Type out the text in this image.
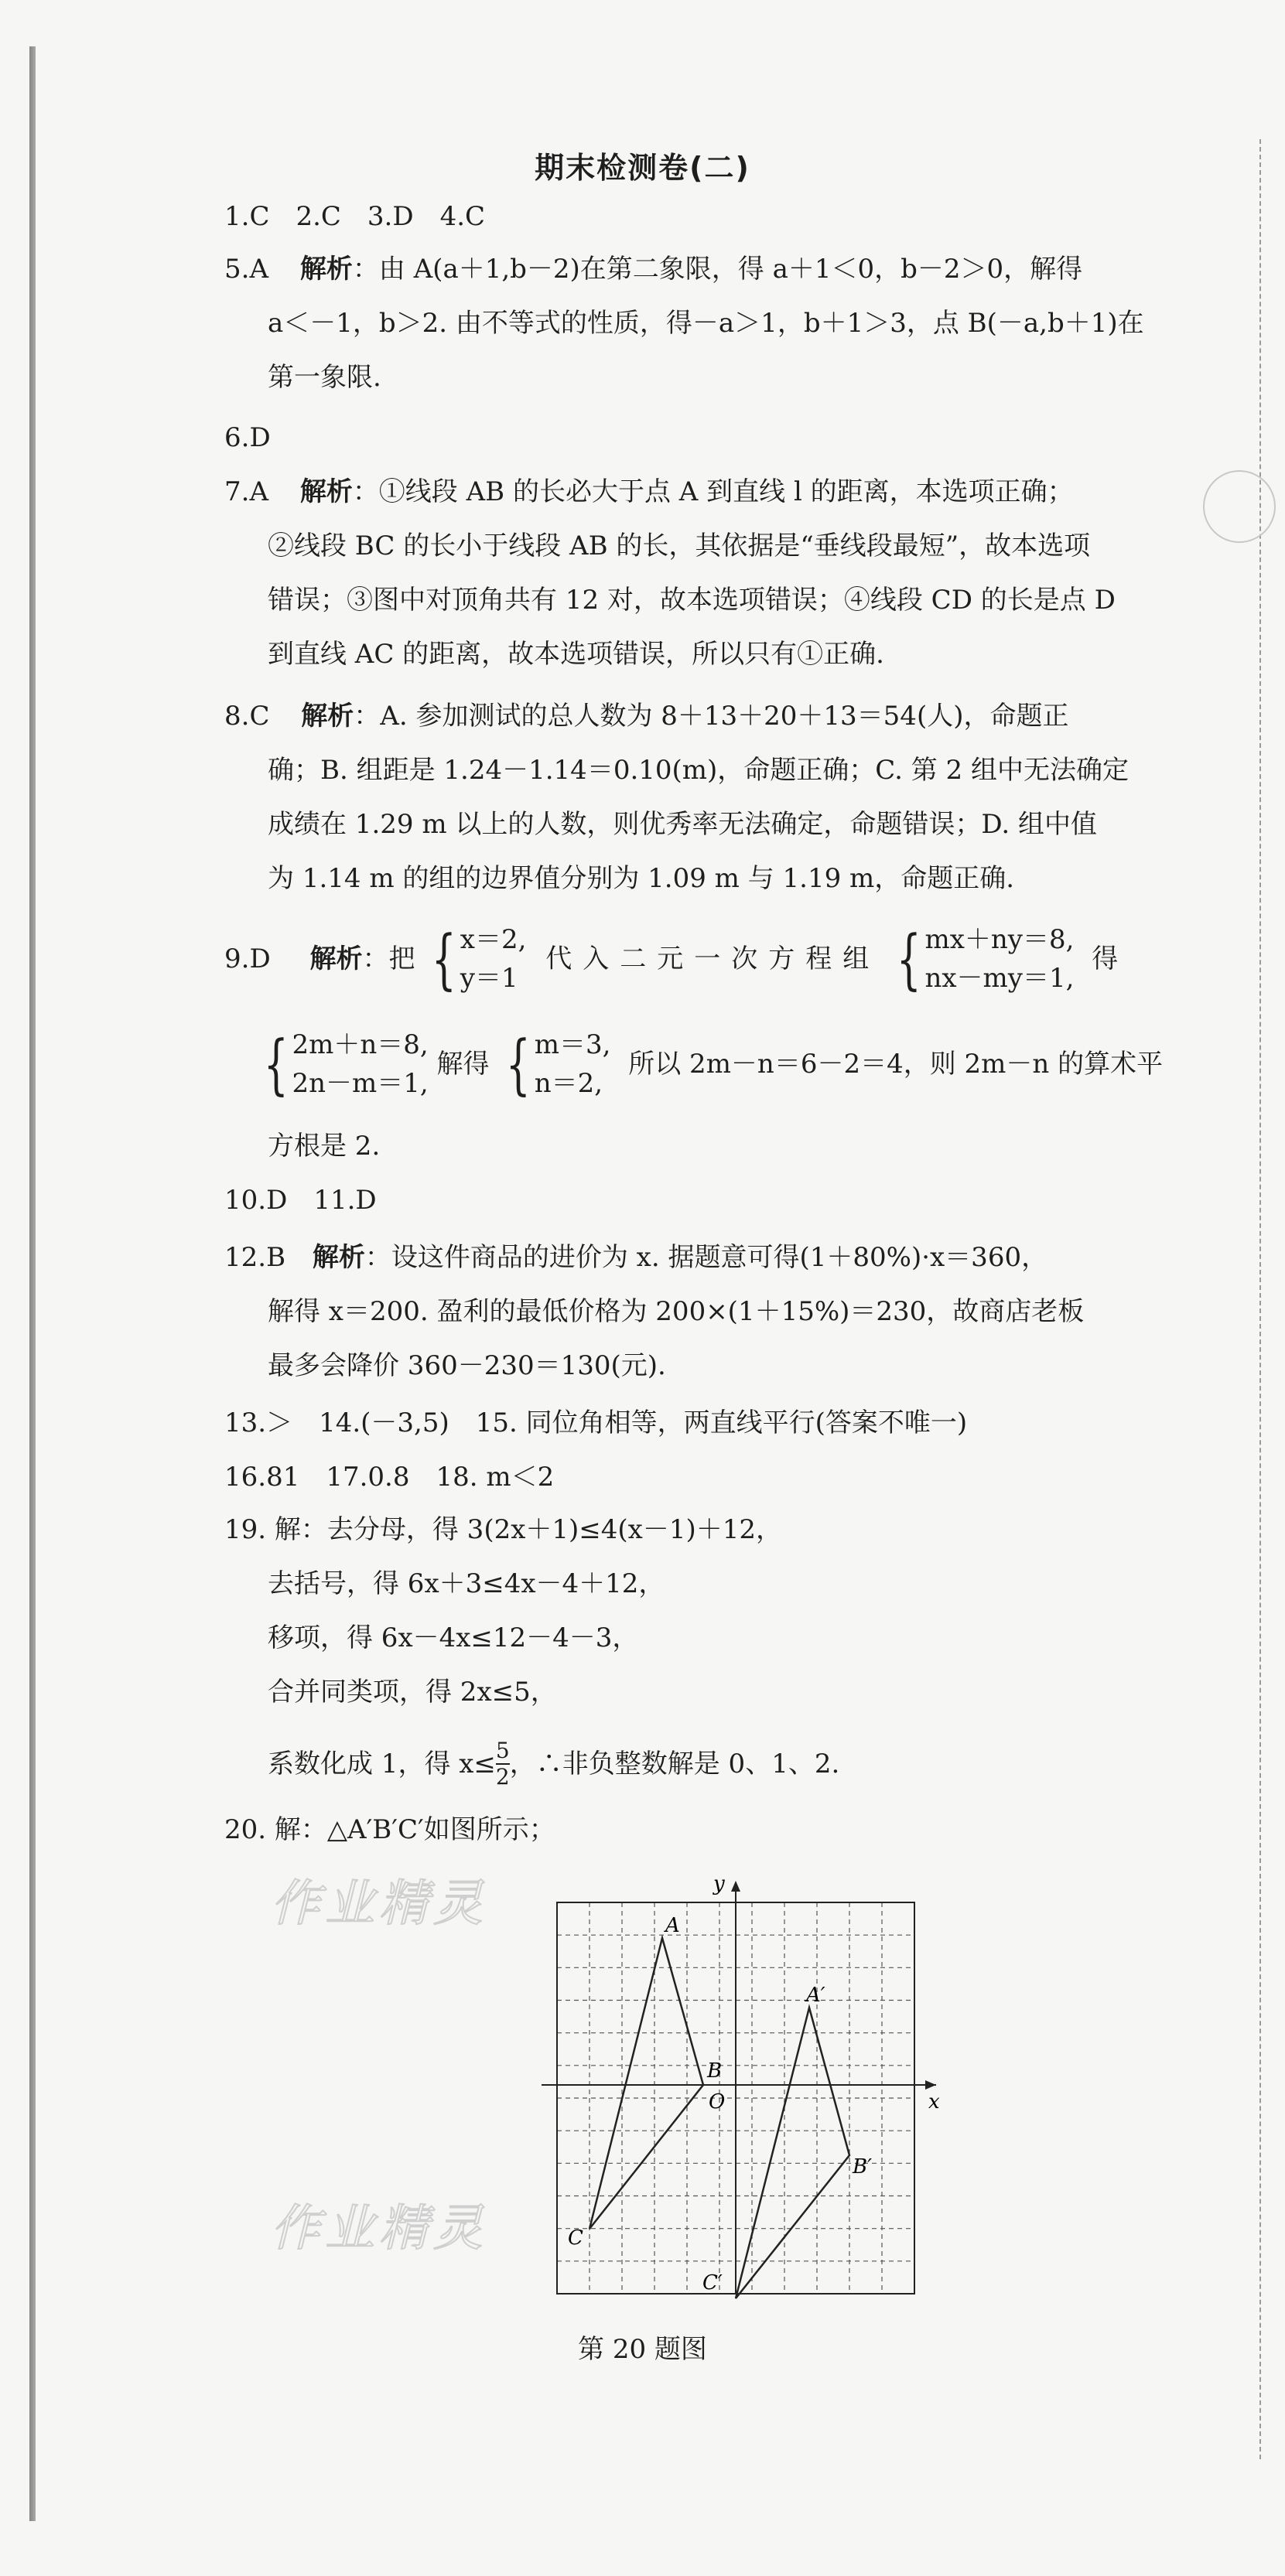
期末检测卷(二)
1.C　2.C　3.D　4.C
5.A 解析：由 A(a＋1,b－2)在第二象限，得 a＋1＜0，b－2＞0，解得
a＜－1，b＞2. 由不等式的性质，得－a＞1，b＋1＞3，点 B(－a,b＋1)在
第一象限.
6.D
7.A 解析：①线段 AB 的长必大于点 A 到直线 l 的距离，本选项正确；
②线段 BC 的长小于线段 AB 的长，其依据是“垂线段最短”，故本选项
错误；③图中对顶角共有 12 对，故本选项错误；④线段 CD 的长是点 D
到直线 AC 的距离，故本选项错误，所以只有①正确.
8.C 解析：A. 参加测试的总人数为 8＋13＋20＋13＝54(人)，命题正
确；B. 组距是 1.24－1.14＝0.10(m)，命题正确；C. 第 2 组中无法确定
成绩在 1.29 m 以上的人数，则优秀率无法确定，命题错误；D. 组中值
为 1.14 m 的组的边界值分别为 1.09 m 与 1.19 m，命题正确.
9.D 解析：把 { x＝2,
y＝1 代入二元一次方程组 { mx＋ny＝8,
nx－my＝1, 得
{ 2m＋n＝8,
2n－m＝1, 解得 { m＝3,
n＝2, 所以 2m－n＝6－2＝4，则 2m－n 的算术平
方根是 2.
10.D　11.D
12.B 解析：设这件商品的进价为 x. 据题意可得(1＋80%)·x＝360，
解得 x＝200. 盈利的最低价格为 200×(1＋15%)＝230，故商店老板
最多会降价 360－230＝130(元).
13.＞　14.(－3,5)　15. 同位角相等，两直线平行(答案不唯一)
16.81　17.0.8　18. m＜2
19. 解：去分母，得 3(2x＋1)≤4(x－1)＋12，
去括号，得 6x＋3≤4x－4＋12，
移项，得 6x－4x≤12－4－3，
合并同类项，得 2x≤5，
系数化成 1，得 $x\le\frac{5}{2}$ ，∴非负整数解是 0、1、2.
20. 解：△A′B′C′如图所示；
作业精灵
作业精灵
x
y
O
A
B
C
A′
B′
C′
第 20 题图
